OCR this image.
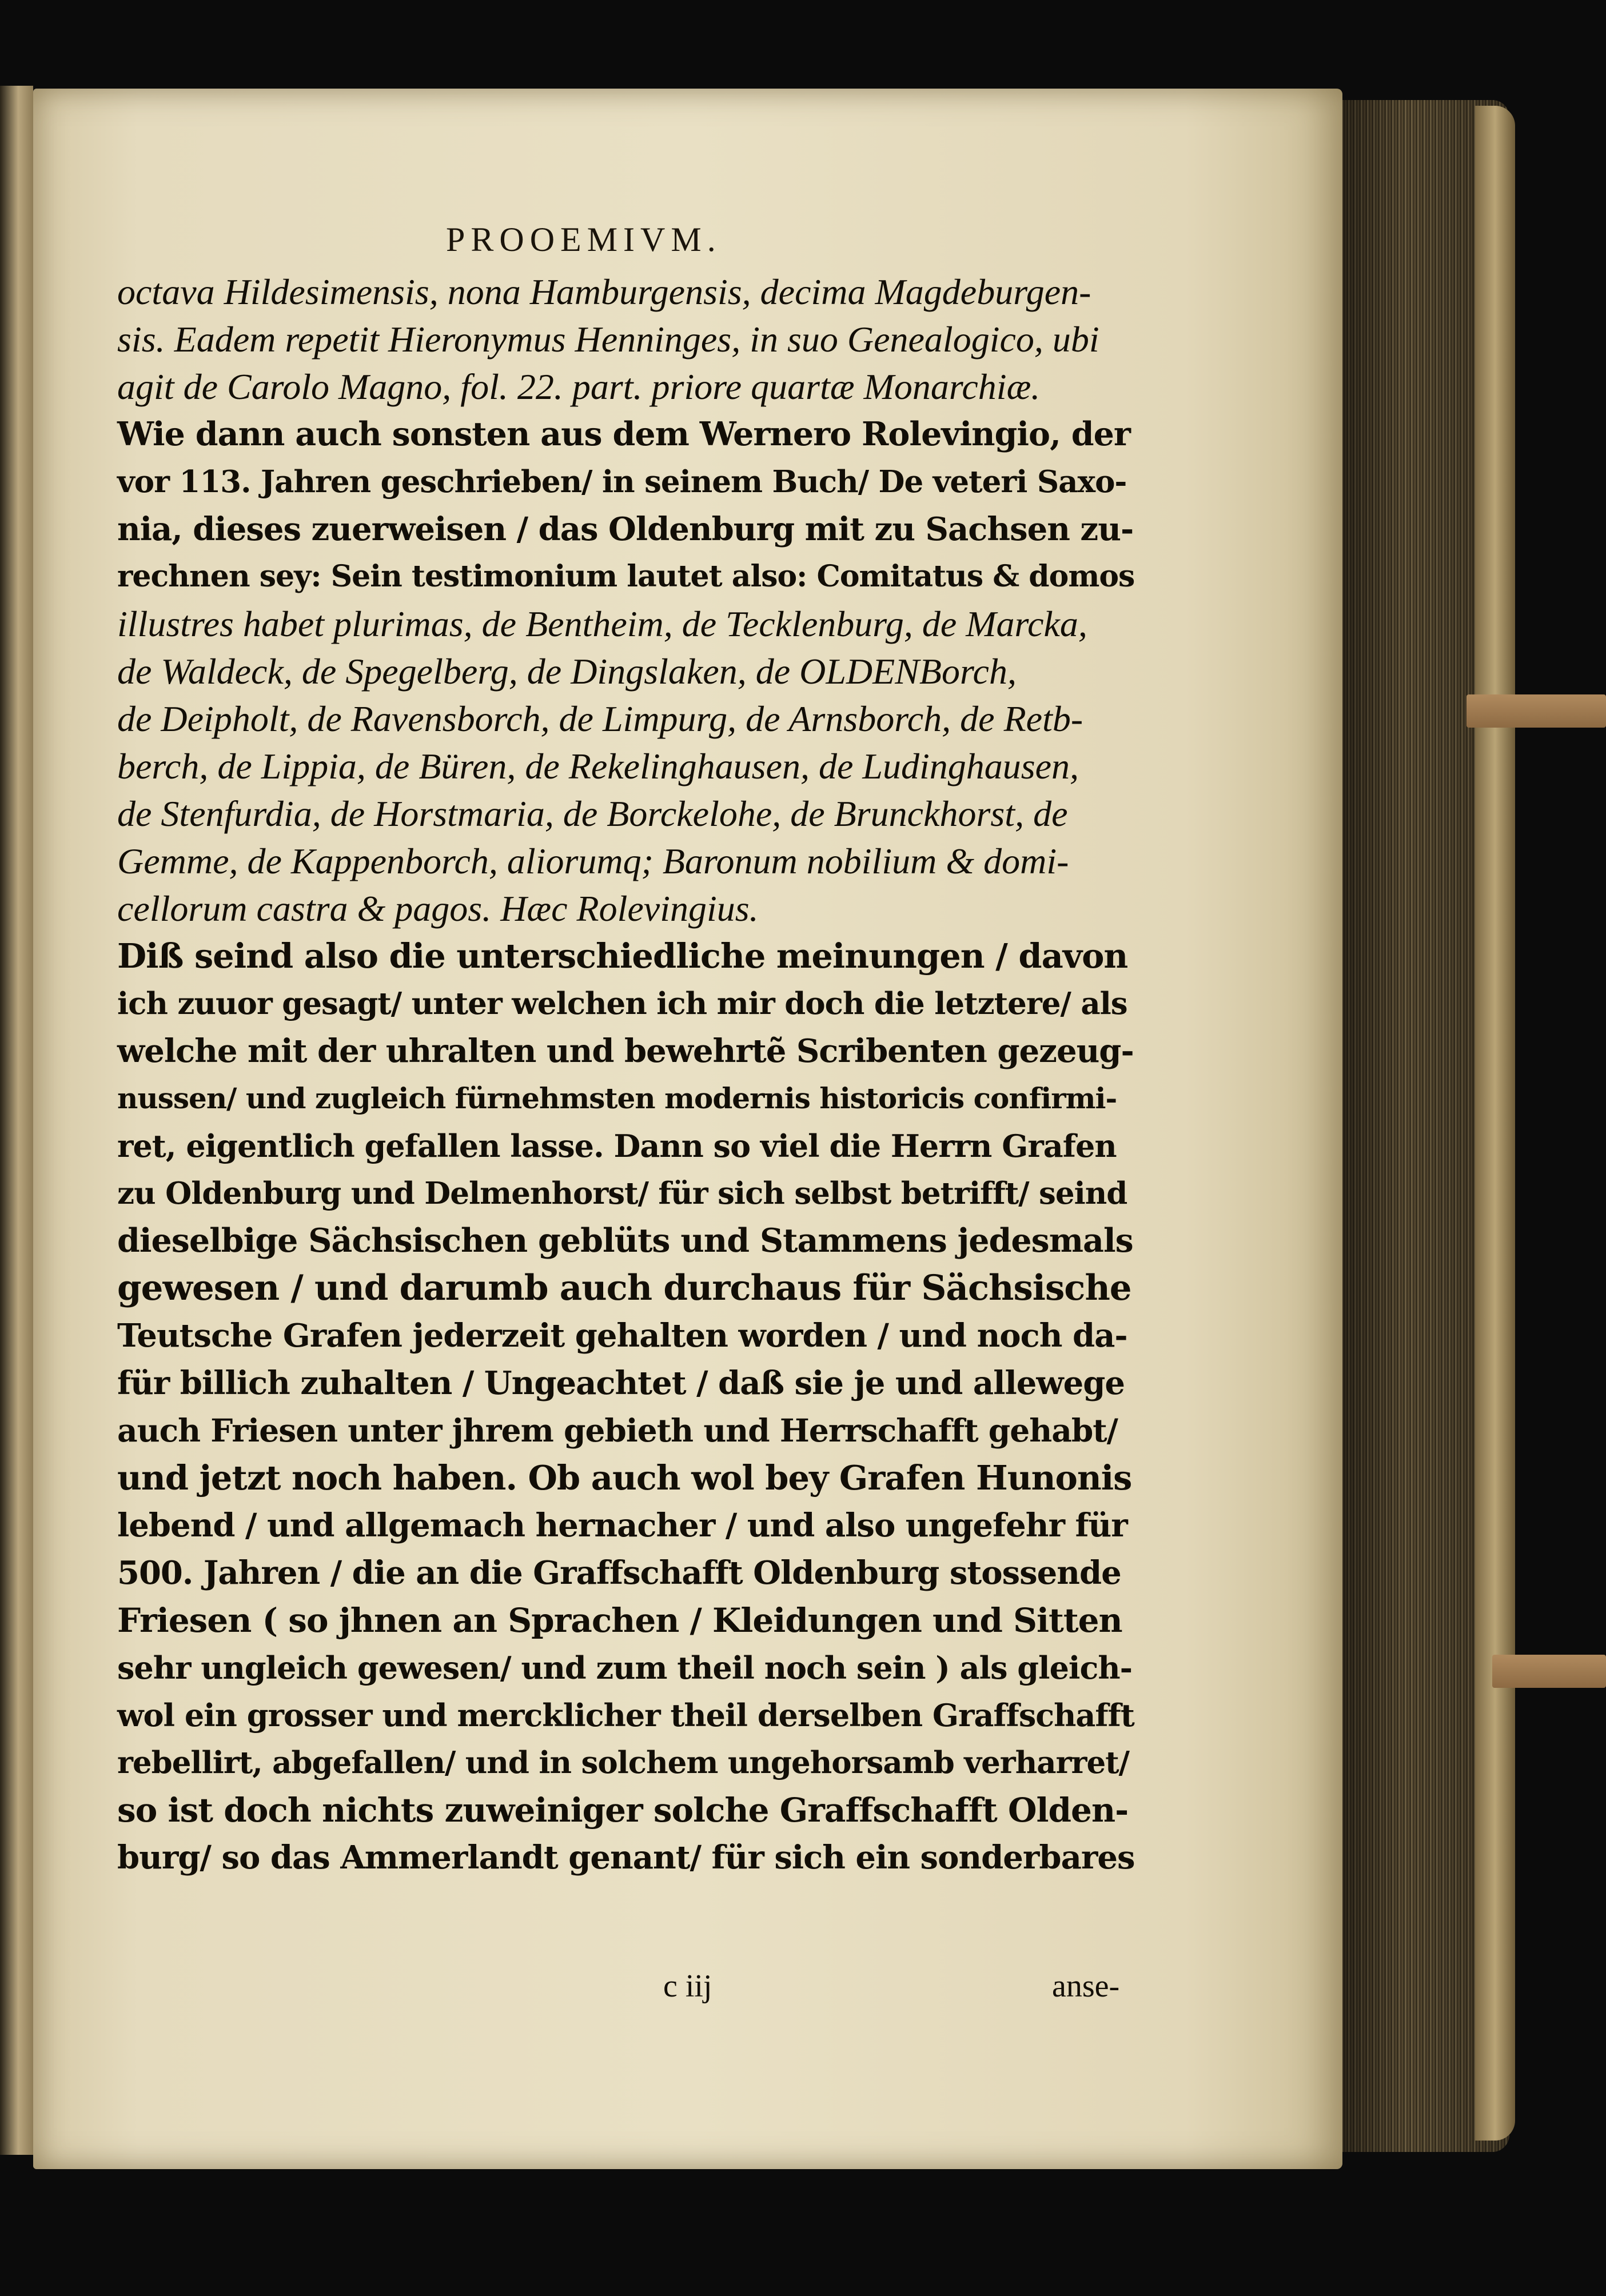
PROOEMIVM.
octava Hildesimensis, nona Hamburgensis, decima Magdeburgen-
sis. Eadem repetit Hieronymus Henninges, in suo Genealogico, ubi
agit de Carolo Magno, fol. 22. part. priore quartæ Monarchiæ.
Wie dann auch sonsten aus dem Wernero Rolevingio, der
vor 113. Jahren geschrieben/ in seinem Buch/ De veteri Saxo-
nia, dieses zuerweisen / das Oldenburg mit zu Sachsen zu-
rechnen sey: Sein testimonium lautet also: Comitatus & domos
illustres habet plurimas, de Bentheim, de Tecklenburg, de Marcka,
de Waldeck, de Spegelberg, de Dingslaken, de OLDENBorch,
de Deipholt, de Ravensborch, de Limpurg, de Arnsborch, de Retb-
berch, de Lippia, de Büren, de Rekelinghausen, de Ludinghausen,
de Stenfurdia, de Horstmaria, de Borckelohe, de Brunckhorst, de
Gemme, de Kappenborch, aliorumq; Baronum nobilium & domi-
cellorum castra & pagos. Hæc Rolevingius.
Diß seind also die unterschiedliche meinungen / davon
ich zuuor gesagt/ unter welchen ich mir doch die letztere/ als
welche mit der uhralten und bewehrtẽ Scribenten gezeug-
nussen/ und zugleich fürnehmsten modernis historicis confirmi-
ret, eigentlich gefallen lasse. Dann so viel die Herrn Grafen
zu Oldenburg und Delmenhorst/ für sich selbst betrifft/ seind
dieselbige Sächsischen geblüts und Stammens jedesmals
gewesen / und darumb auch durchaus für Sächsische
Teutsche Grafen jederzeit gehalten worden / und noch da-
für billich zuhalten / Ungeachtet / daß sie je und allewege
auch Friesen unter jhrem gebieth und Herrschafft gehabt/
und jetzt noch haben. Ob auch wol bey Grafen Hunonis
lebend / und allgemach hernacher / und also ungefehr für
500. Jahren / die an die Graffschafft Oldenburg stossende
Friesen ( so jhnen an Sprachen / Kleidungen und Sitten
sehr ungleich gewesen/ und zum theil noch sein ) als gleich-
wol ein grosser und mercklicher theil derselben Graffschafft
rebellirt, abgefallen/ und in solchem ungehorsamb verharret/
so ist doch nichts zuweiniger solche Graffschafft Olden-
burg/ so das Ammerlandt genant/ für sich ein sonderbares
c iij	anse-
